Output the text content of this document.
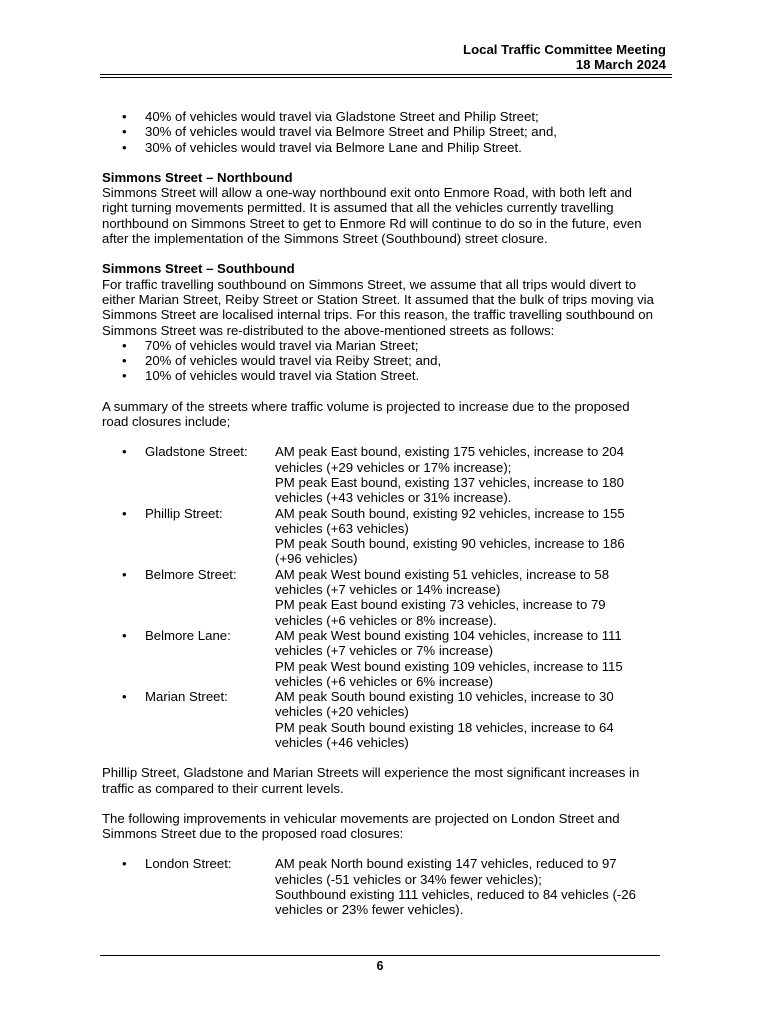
Local Traffic Committee Meeting
18 March 2024
• 40% of vehicles would travel via Gladstone Street and Philip Street;
• 30% of vehicles would travel via Belmore Street and Philip Street; and,
• 30% of vehicles would travel via Belmore Lane and Philip Street.
Simmons Street – Northbound

Simmons Street will allow a one-way northbound exit onto Enmore Road, with both left and

right turning movements permitted. It is assumed that all the vehicles currently travelling

northbound on Simmons Street to get to Enmore Rd will continue to do so in the future, even

after the implementation of the Simmons Street (Southbound) street closure.

Simmons Street – Southbound

For traffic travelling southbound on Simmons Street, we assume that all trips would divert to

either Marian Street, Reiby Street or Station Street. It assumed that the bulk of trips moving via

Simmons Street are localised internal trips. For this reason, the traffic travelling southbound on

Simmons Street was re-distributed to the above-mentioned streets as follows:

• 70% of vehicles would travel via Marian Street;
• 20% of vehicles would travel via Reiby Street; and,
• 10% of vehicles would travel via Station Street.

A summary of the streets where traffic volume is projected to increase due to the proposed

road closures include;

• Gladstone Street:	AM peak East bound, existing 175 vehicles, increase to 204
vehicles (+29 vehicles or 17% increase);
PM peak East bound, existing 137 vehicles, increase to 180
vehicles (+43 vehicles or 31% increase).
• Phillip Street:	AM peak South bound, existing 92 vehicles, increase to 155
vehicles (+63 vehicles)
PM peak South bound, existing 90 vehicles, increase to 186
(+96 vehicles)
• Belmore Street:	AM peak West bound existing 51 vehicles, increase to 58
vehicles (+7 vehicles or 14% increase)
PM peak East bound existing 73 vehicles, increase to 79
vehicles (+6 vehicles or 8% increase).
• Belmore Lane:	AM peak West bound existing 104 vehicles, increase to 111
vehicles (+7 vehicles or 7% increase)
PM peak West bound existing 109 vehicles, increase to 115
vehicles (+6 vehicles or 6% increase)
• Marian Street:	AM peak South bound existing 10 vehicles, increase to 30
vehicles (+20 vehicles)
PM peak South bound existing 18 vehicles, increase to 64
vehicles (+46 vehicles)

Phillip Street, Gladstone and Marian Streets will experience the most significant increases in

traffic as compared to their current levels.

The following improvements in vehicular movements are projected on London Street and

Simmons Street due to the proposed road closures:

• London Street:	AM peak North bound existing 147 vehicles, reduced to 97
vehicles (-51 vehicles or 34% fewer vehicles);
Southbound existing 111 vehicles, reduced to 84 vehicles (-26
vehicles or 23% fewer vehicles).
6
